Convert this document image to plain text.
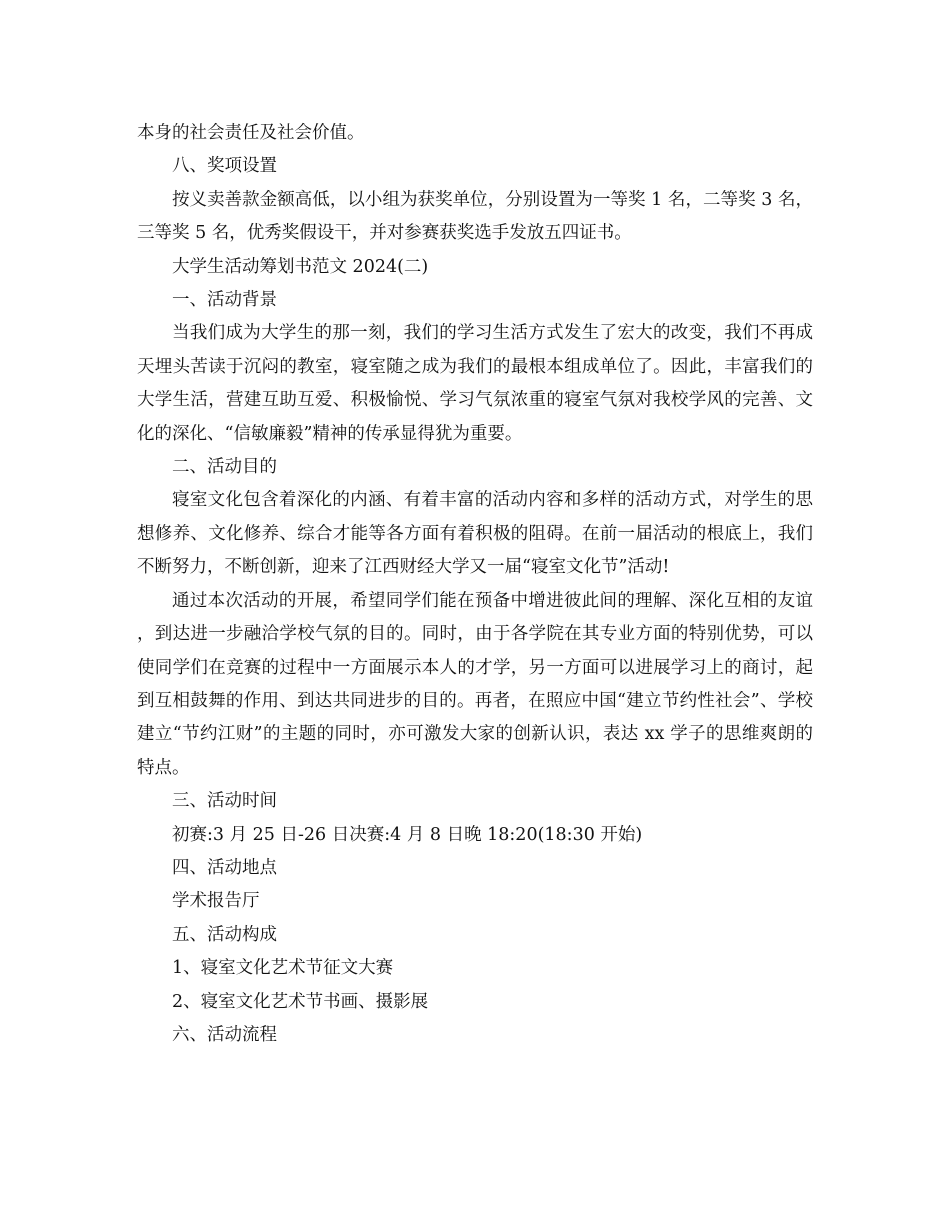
本身的社会责任及社会价值。

八、奖项设置

按义卖善款金额高低，以小组为获奖单位，分别设置为一等奖 1 名，二等奖 3 名，三等奖 5 名，优秀奖假设干，并对参赛获奖选手发放五四证书。

大学生活动筹划书范文 2024(二)

一、活动背景

当我们成为大学生的那一刻，我们的学习生活方式发生了宏大的改变，我们不再成天埋头苦读于沉闷的教室，寝室随之成为我们的最根本组成单位了。因此，丰富我们的大学生活，营建互助互爱、积极愉悦、学习气氛浓重的寝室气氛对我校学风的完善、文化的深化、“信敏廉毅”精神的传承显得犹为重要。

二、活动目的

寝室文化包含着深化的内涵、有着丰富的活动内容和多样的活动方式，对学生的思想修养、文化修养、综合才能等各方面有着积极的阻碍。在前一届活动的根底上，我们不断努力，不断创新，迎来了江西财经大学又一届“寝室文化节”活动!

通过本次活动的开展，希望同学们能在预备中增进彼此间的理解、深化互相的友谊，到达进一步融洽学校气氛的目的。同时，由于各学院在其专业方面的特别优势，可以使同学们在竞赛的过程中一方面展示本人的才学，另一方面可以进展学习上的商讨，起到互相鼓舞的作用、到达共同进步的目的。再者，在照应中国“建立节约性社会”、学校建立“节约江财”的主题的同时，亦可激发大家的创新认识，表达 xx 学子的思维爽朗的特点。

三、活动时间

初赛:3 月 25 日-26 日决赛:4 月 8 日晚 18:20(18:30 开始)

四、活动地点

学术报告厅

五、活动构成

1、寝室文化艺术节征文大赛

2、寝室文化艺术节书画、摄影展

六、活动流程
